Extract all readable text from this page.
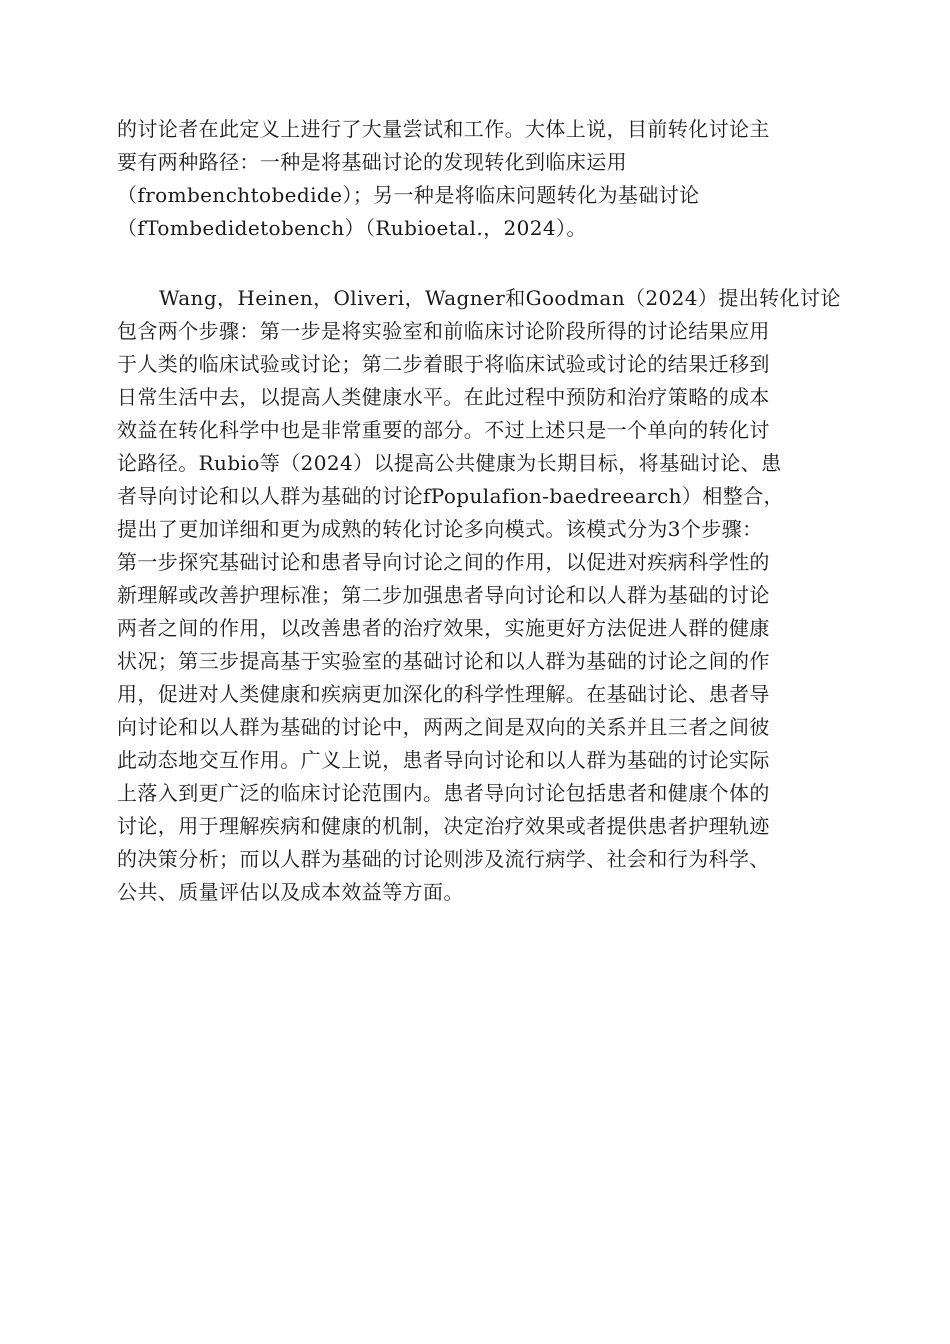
的讨论者在此定义上进行了大量尝试和工作。大体上说，目前转化讨论主
要有两种路径：一种是将基础讨论的发现转化到临床运用
（frombenchtobedide）；另一种是将临床问题转化为基础讨论
（fTombedidetobench）（Rubioetal.，2024）。
Wang，Heinen，Oliveri，Wagner和Goodman（2024）提出转化讨论
包含两个步骤：第一步是将实验室和前临床讨论阶段所得的讨论结果应用
于人类的临床试验或讨论；第二步着眼于将临床试验或讨论的结果迁移到
日常生活中去，以提高人类健康水平。在此过程中预防和治疗策略的成本
效益在转化科学中也是非常重要的部分。不过上述只是一个单向的转化讨
论路径。Rubio等（2024）以提高公共健康为长期目标，将基础讨论、患
者导向讨论和以人群为基础的讨论fPopulafion-baedreearch）相整合，
提出了更加详细和更为成熟的转化讨论多向模式。该模式分为3个步骤：
第一步探究基础讨论和患者导向讨论之间的作用，以促进对疾病科学性的
新理解或改善护理标准；第二步加强患者导向讨论和以人群为基础的讨论
两者之间的作用，以改善患者的治疗效果，实施更好方法促进人群的健康
状况；第三步提高基于实验室的基础讨论和以人群为基础的讨论之间的作
用，促进对人类健康和疾病更加深化的科学性理解。在基础讨论、患者导
向讨论和以人群为基础的讨论中，两两之间是双向的关系并且三者之间彼
此动态地交互作用。广义上说，患者导向讨论和以人群为基础的讨论实际
上落入到更广泛的临床讨论范围内。患者导向讨论包括患者和健康个体的
讨论，用于理解疾病和健康的机制，决定治疗效果或者提供患者护理轨迹
的决策分析；而以人群为基础的讨论则涉及流行病学、社会和行为科学、
公共、质量评估以及成本效益等方面。
